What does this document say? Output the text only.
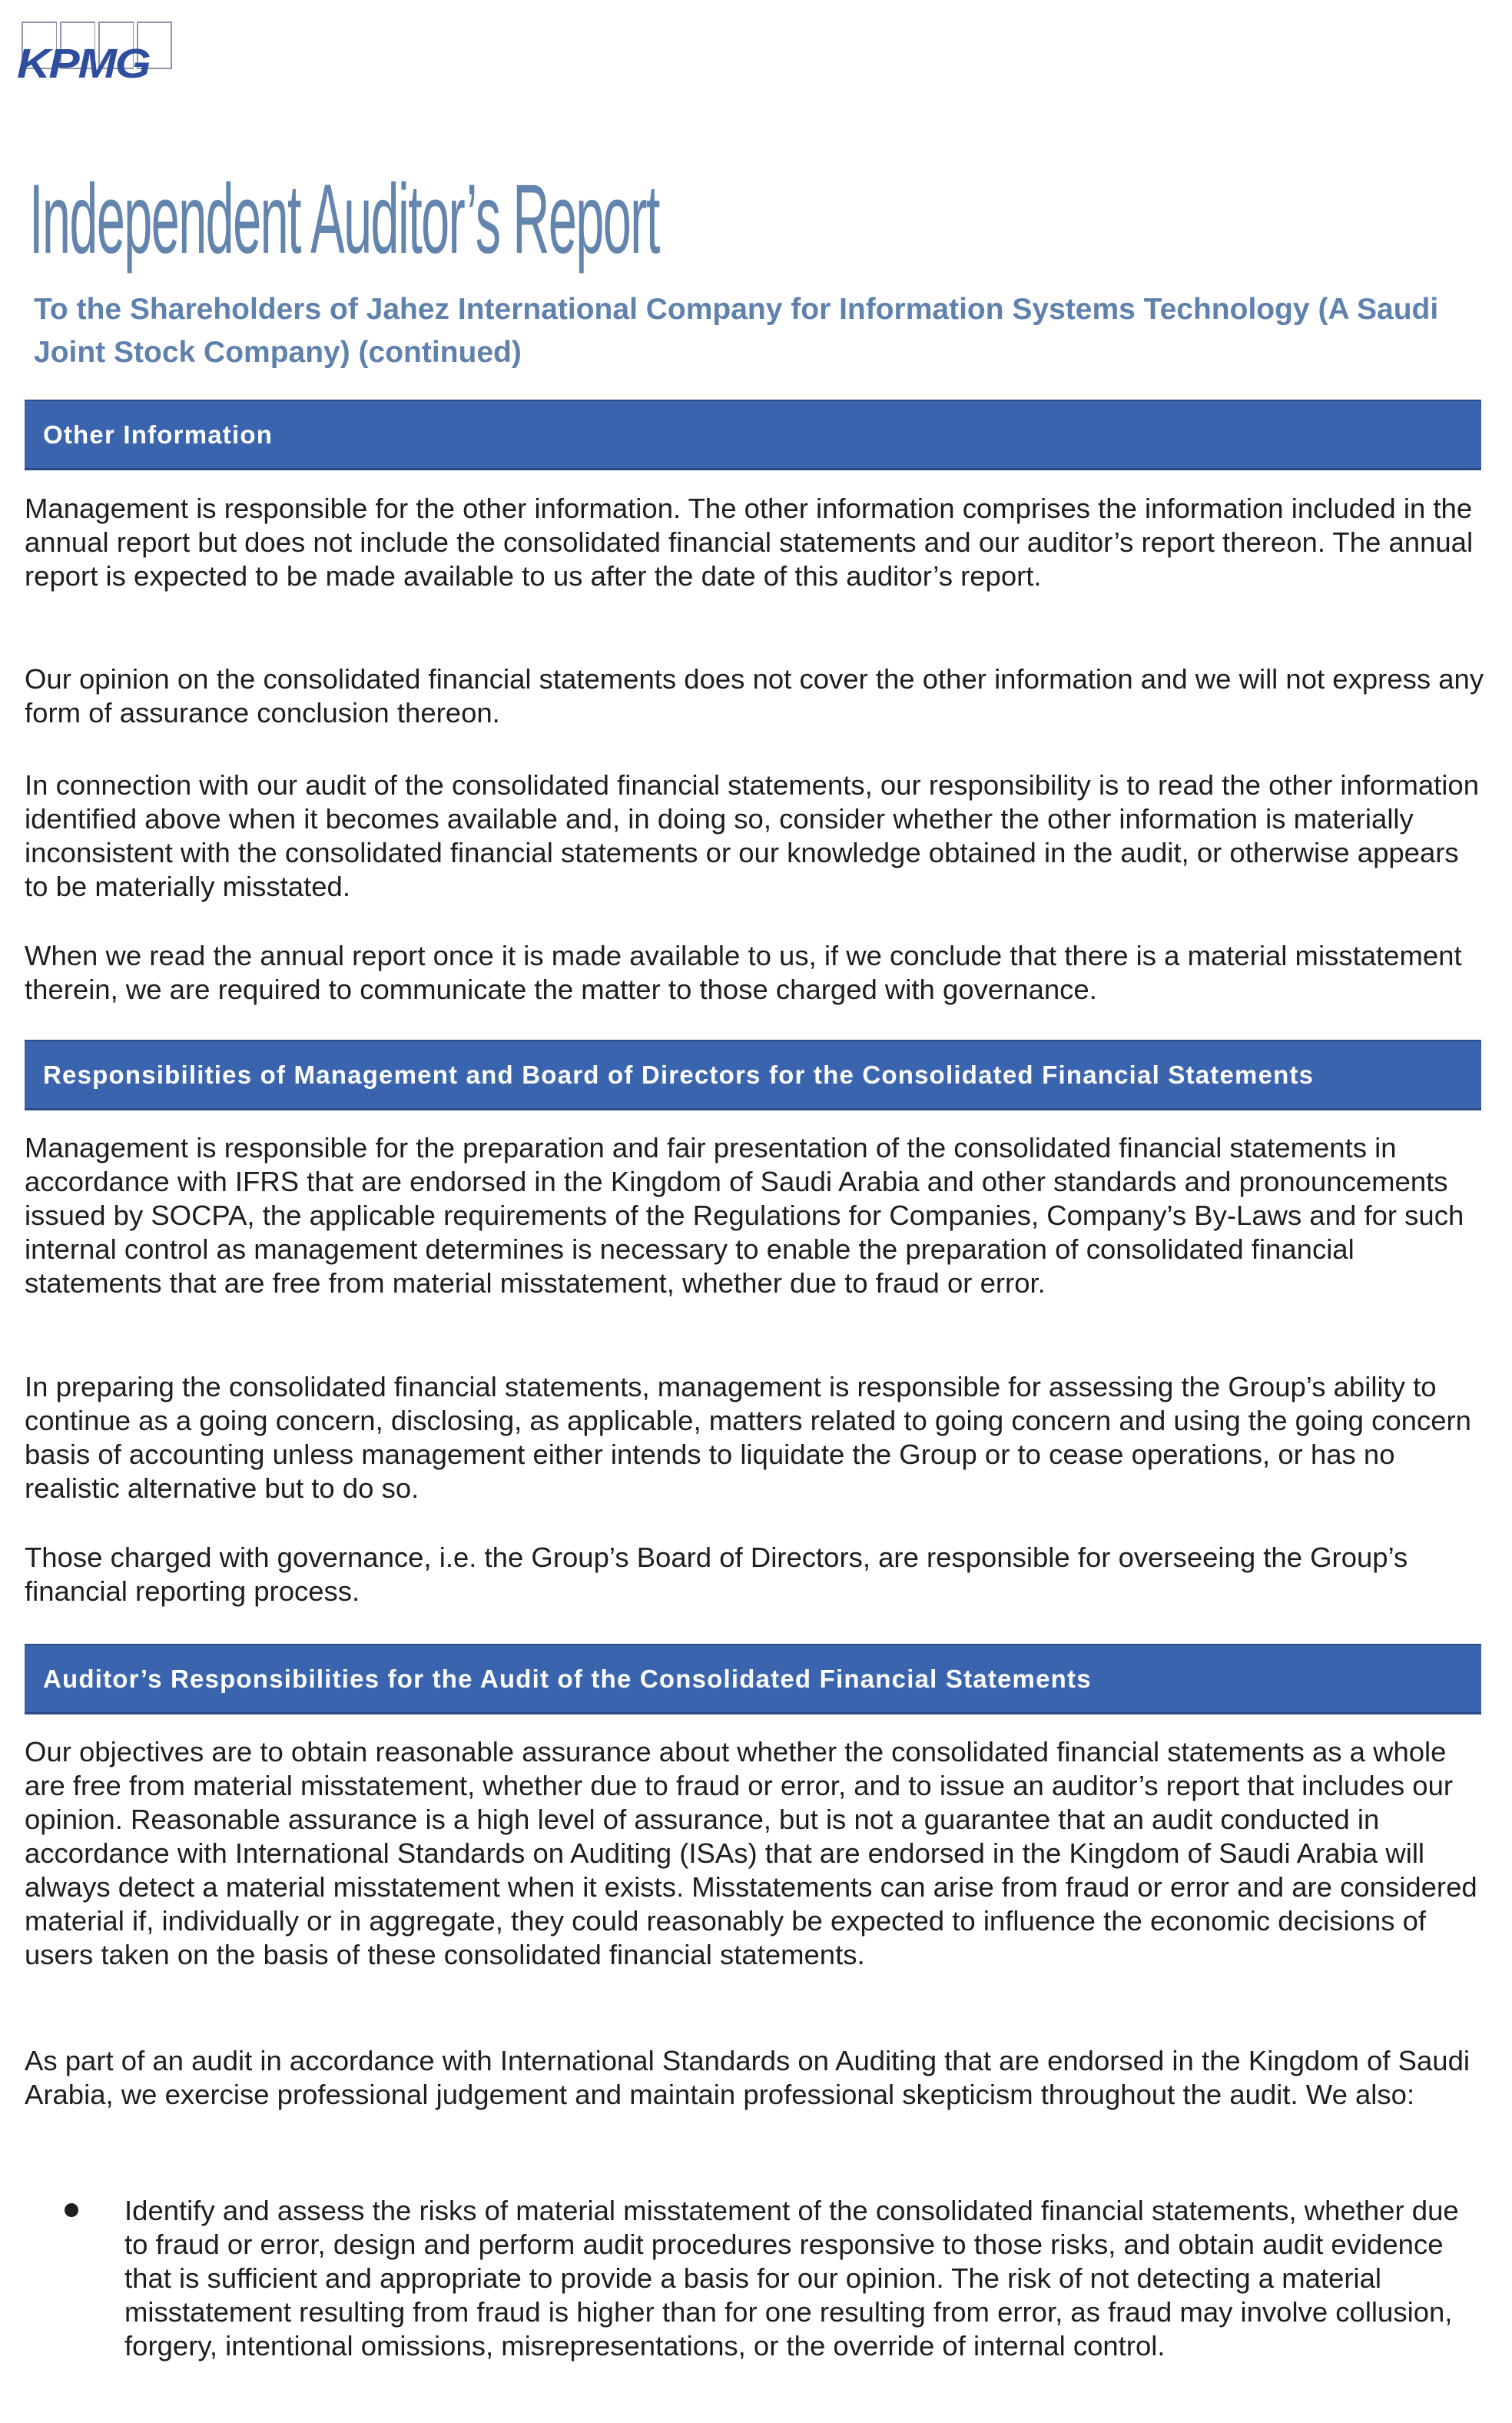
KPMG
Independent Auditor’s Report
To the Shareholders of Jahez International Company for Information Systems Technology (A Saudi Joint Stock Company) (continued)
Other Information
Management is responsible for the other information. The other information comprises the information included in the annual report but does not include the consolidated financial statements and our auditor’s report thereon. The annual report is expected to be made available to us after the date of this auditor’s report.
Our opinion on the consolidated financial statements does not cover the other information and we will not express any form of assurance conclusion thereon.
In connection with our audit of the consolidated financial statements, our responsibility is to read the other information identified above when it becomes available and, in doing so, consider whether the other information is materially inconsistent with the consolidated financial statements or our knowledge obtained in the audit, or otherwise appears to be materially misstated.
When we read the annual report once it is made available to us, if we conclude that there is a material misstatement therein, we are required to communicate the matter to those charged with governance.
Responsibilities of Management and Board of Directors for the Consolidated Financial Statements
Management is responsible for the preparation and fair presentation of the consolidated financial statements in accordance with IFRS that are endorsed in the Kingdom of Saudi Arabia and other standards and pronouncements issued by SOCPA, the applicable requirements of the Regulations for Companies, Company’s By-Laws and for such internal control as management determines is necessary to enable the preparation of consolidated financial statements that are free from material misstatement, whether due to fraud or error.
In preparing the consolidated financial statements, management is responsible for assessing the Group’s ability to continue as a going concern, disclosing, as applicable, matters related to going concern and using the going concern basis of accounting unless management either intends to liquidate the Group or to cease operations, or has no realistic alternative but to do so.
Those charged with governance, i.e. the Group’s Board of Directors, are responsible for overseeing the Group’s financial reporting process.
Auditor’s Responsibilities for the Audit of the Consolidated Financial Statements
Our objectives are to obtain reasonable assurance about whether the consolidated financial statements as a whole are free from material misstatement, whether due to fraud or error, and to issue an auditor’s report that includes our opinion. Reasonable assurance is a high level of assurance, but is not a guarantee that an audit conducted in accordance with International Standards on Auditing (ISAs) that are endorsed in the Kingdom of Saudi Arabia will always detect a material misstatement when it exists. Misstatements can arise from fraud or error and are considered material if, individually or in aggregate, they could reasonably be expected to influence the economic decisions of users taken on the basis of these consolidated financial statements.
As part of an audit in accordance with International Standards on Auditing that are endorsed in the Kingdom of Saudi Arabia, we exercise professional judgement and maintain professional skepticism throughout the audit. We also:
Identify and assess the risks of material misstatement of the consolidated financial statements, whether due to fraud or error, design and perform audit procedures responsive to those risks, and obtain audit evidence that is sufficient and appropriate to provide a basis for our opinion. The risk of not detecting a material misstatement resulting from fraud is higher than for one resulting from error, as fraud may involve collusion, forgery, intentional omissions, misrepresentations, or the override of internal control.
